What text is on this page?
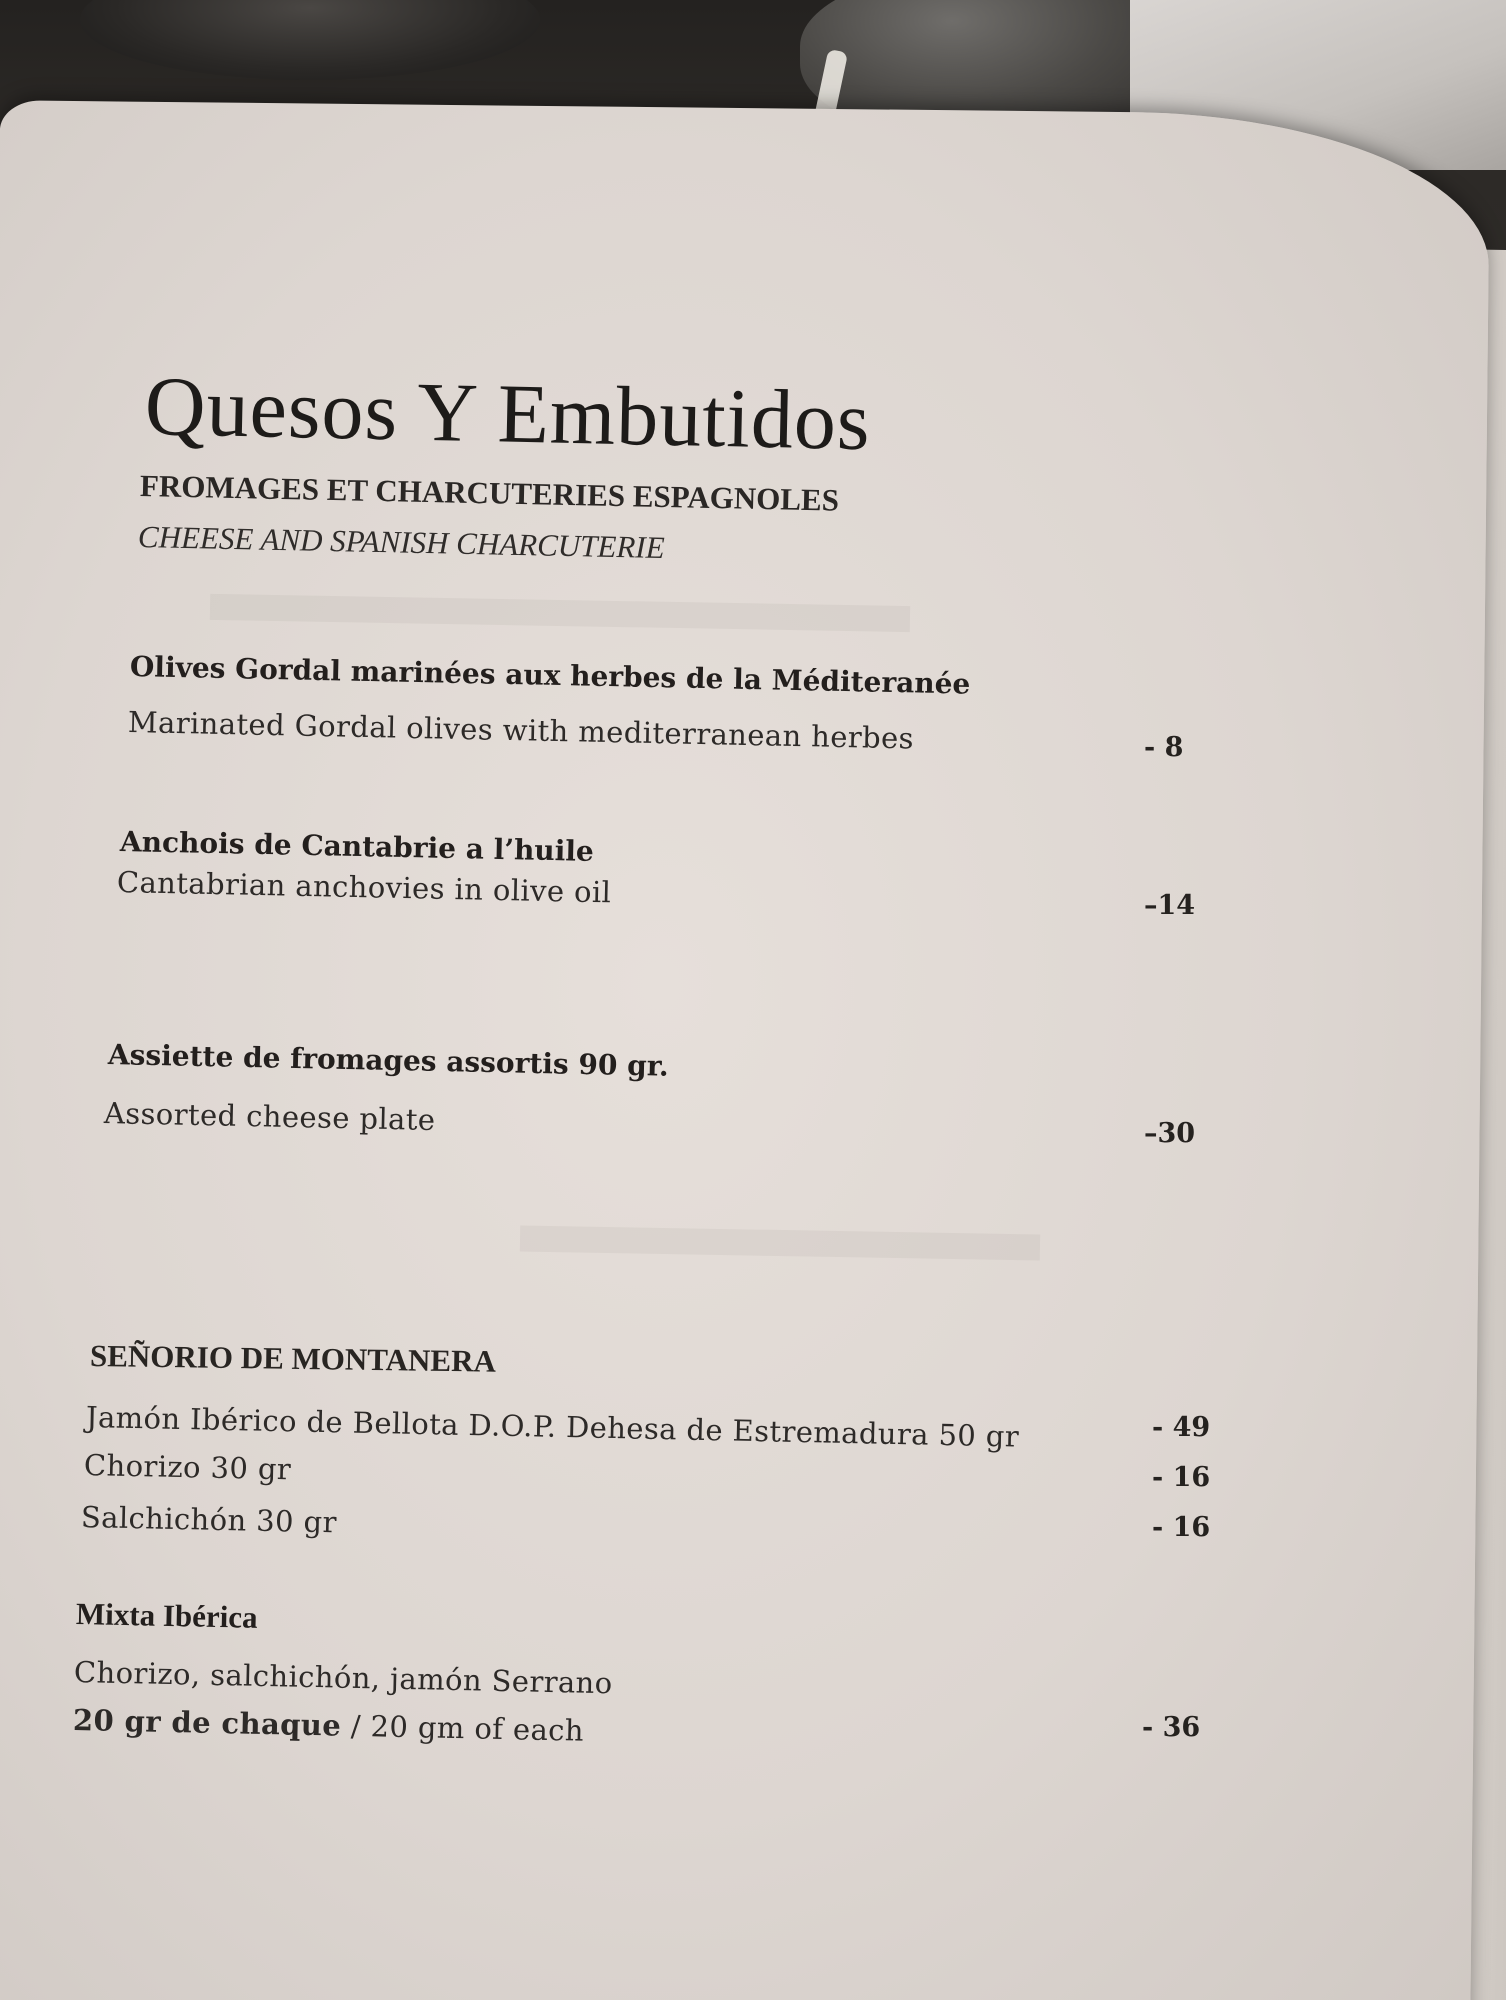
Quesos Y Embutidos
FROMAGES ET CHARCUTERIES ESPAGNOLES
CHEESE AND SPANISH CHARCUTERIE
Olives Gordal marinées aux herbes de la Méditeranée
Marinated Gordal olives with mediterranean herbes	- 8
Anchois de Cantabrie a l’huile
Cantabrian anchovies in olive oil	–14
Assiette de fromages assortis 90 gr.
Assorted cheese plate	–30
SEÑORIO DE MONTANERA
Jamón Ibérico de Bellota D.O.P. Dehesa de Estremadura 50 gr	- 49
Chorizo 30 gr	- 16
Salchichón 30 gr	- 16
Mixta Ibérica
Chorizo, salchichón, jamón Serrano
20 gr de chaque / 20 gm of each	- 36
